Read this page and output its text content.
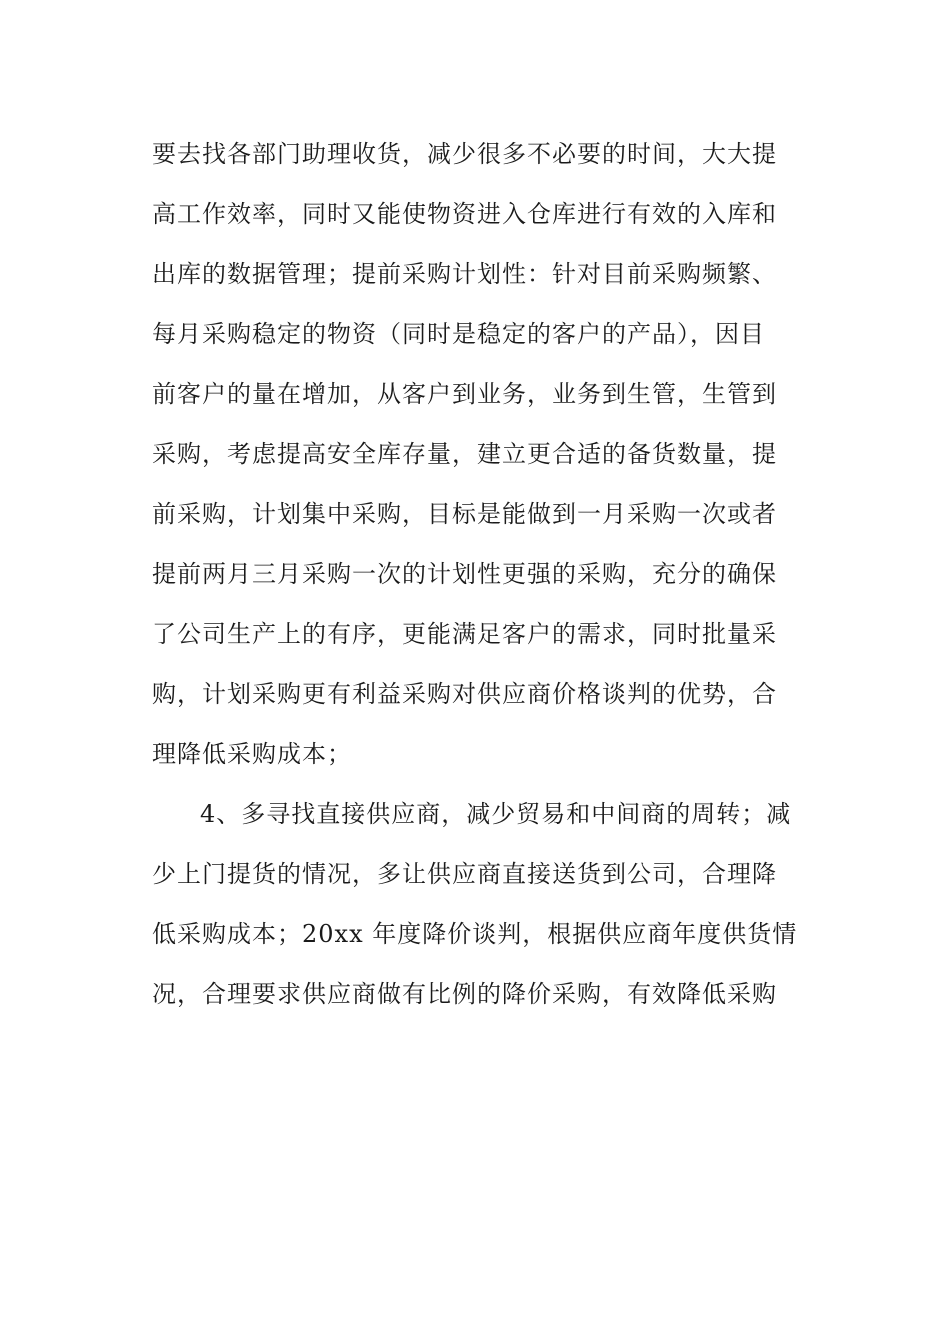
要去找各部门助理收货，减少很多不必要的时间，大大提
高工作效率，同时又能使物资进入仓库进行有效的入库和
出库的数据管理；提前采购计划性：针对目前采购频繁、
每月采购稳定的物资（同时是稳定的客户的产品），因目
前客户的量在增加，从客户到业务，业务到生管，生管到
采购，考虑提高安全库存量，建立更合适的备货数量，提
前采购，计划集中采购，目标是能做到一月采购一次或者
提前两月三月采购一次的计划性更强的采购，充分的确保
了公司生产上的有序，更能满足客户的需求，同时批量采
购，计划采购更有利益采购对供应商价格谈判的优势，合
理降低采购成本；
4、多寻找直接供应商，减少贸易和中间商的周转；减
少上门提货的情况，多让供应商直接送货到公司，合理降
低采购成本；20xx 年度降价谈判，根据供应商年度供货情
况，合理要求供应商做有比例的降价采购，有效降低采购
